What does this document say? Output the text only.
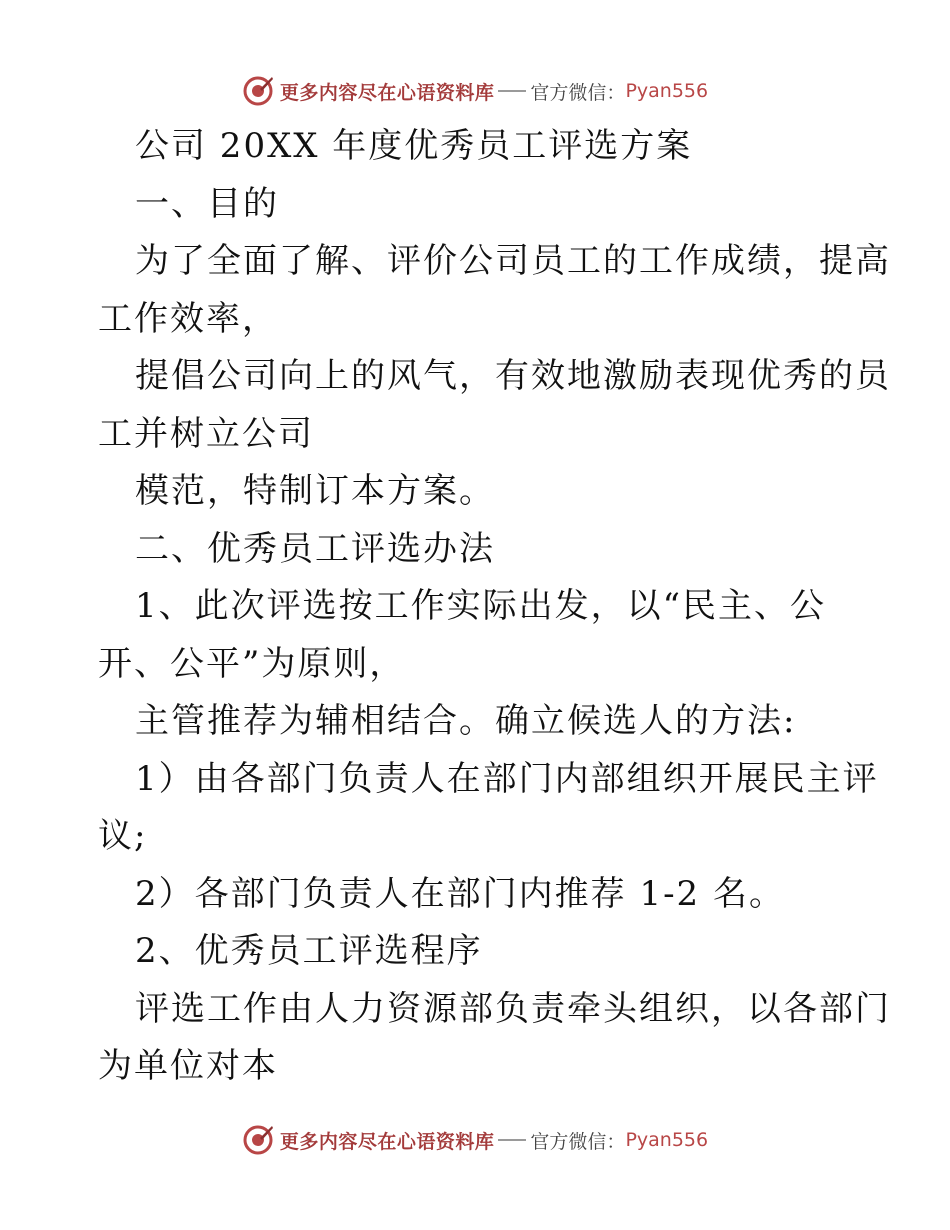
更多内容尽在心语资料库 官方微信： Pyan556
公司 20XX 年度优秀员工评选方案
一、目的
为了全面了解、评价公司员工的工作成绩，提高
工作效率，
提倡公司向上的风气，有效地激励表现优秀的员
工并树立公司
模范，特制订本方案。
二、优秀员工评选办法
1、此次评选按工作实际出发，以“民主、公
开、公平”为原则，
主管推荐为辅相结合。确立候选人的方法:
1）由各部门负责人在部门内部组织开展民主评
议;
2）各部门负责人在部门内推荐 1-2 名。
2、优秀员工评选程序
评选工作由人力资源部负责牵头组织，以各部门
为单位对本
更多内容尽在心语资料库 官方微信： Pyan556
